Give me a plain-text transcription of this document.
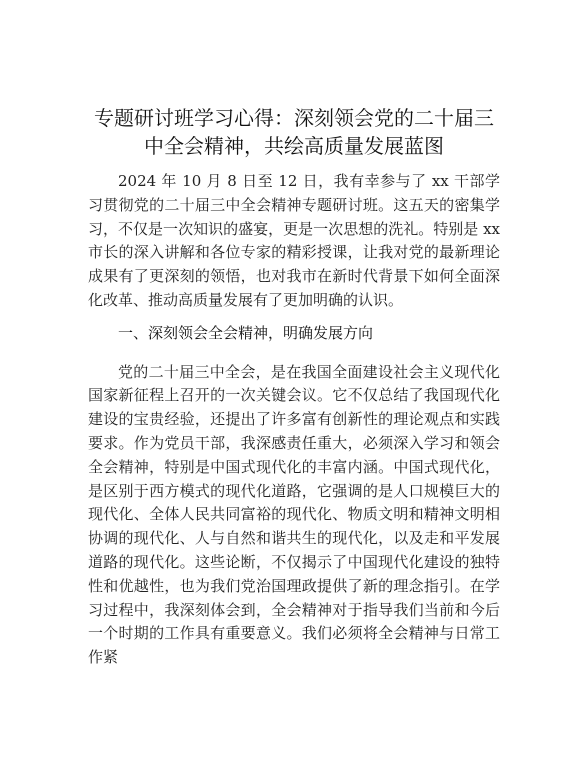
专题研讨班学习心得：深刻领会党的二十届三
中全会精神，共绘高质量发展蓝图

2024 年 10 月 8 日至 12 日，我有幸参与了 xx 干部学习贯彻党的二十届三中全会精神专题研讨班。这五天的密集学习，不仅是一次知识的盛宴，更是一次思想的洗礼。特别是 xx 市长的深入讲解和各位专家的精彩授课，让我对党的最新理论成果有了更深刻的领悟，也对我市在新时代背景下如何全面深化改革、推动高质量发展有了更加明确的认识。

一、深刻领会全会精神，明确发展方向

党的二十届三中全会，是在我国全面建设社会主义现代化国家新征程上召开的一次关键会议。它不仅总结了我国现代化建设的宝贵经验，还提出了许多富有创新性的理论观点和实践要求。作为党员干部，我深感责任重大，必须深入学习和领会全会精神，特别是中国式现代化的丰富内涵。中国式现代化，是区别于西方模式的现代化道路，它强调的是人口规模巨大的现代化、全体人民共同富裕的现代化、物质文明和精神文明相协调的现代化、人与自然和谐共生的现代化，以及走和平发展道路的现代化。这些论断，不仅揭示了中国现代化建设的独特性和优越性，也为我们党治国理政提供了新的理念指引。在学习过程中，我深刻体会到，全会精神对于指导我们当前和今后一个时期的工作具有重要意义。我们必须将全会精神与日常工作紧
